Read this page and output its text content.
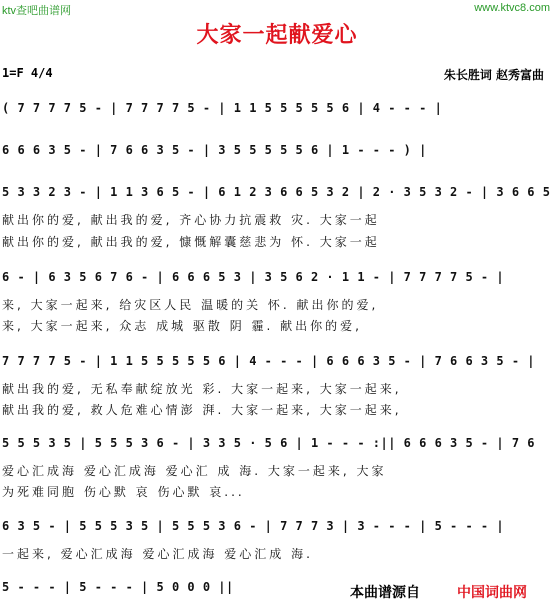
ktv查吧曲谱网	www.ktvc8.com
大家一起献爱心
1=F 4/4	朱长胜词 赵秀富曲
( 7 7 7 7 5 - | 7 7 7 7 5 - | 1 1 5 5 5 5 5 6 | 4 - - - |
6 6 6 3 5 - | 7 6 6 3 5 - | 3 5 5 5 5 5 6 | 1 - - - ) |
5 3 3 2 3 - | 1 1 3 6 5 - | 6 1 2 3 6 6 5 3 2 | 2 · 3 5 3 2 - | 3 6 6 5
献出你的爱, 献出我的爱, 齐心协力抗震救 灾. 大家一起
献出你的爱, 献出我的爱, 慷慨解囊慈悲为 怀. 大家一起
6 - | 6 3 5 6 7 6 - | 6 6 6 5 3 | 3 5 6 2 · 1 1 - | 7 7 7 7 5 - |
来, 大家一起来, 给灾区人民 温暖的关 怀. 献出你的爱,
来, 大家一起来, 众志 成城 驱散 阴 霾. 献出你的爱,
7 7 7 7 5 - | 1 1 5 5 5 5 5 6 | 4 - - - | 6 6 6 3 5 - | 7 6 6 3 5 - |
献出我的爱, 无私奉献绽放光 彩. 大家一起来, 大家一起来,
献出我的爱, 救人危难心情澎 湃. 大家一起来, 大家一起来,
5 5 5 3 5 | 5 5 5 3 6 - | 3 3 5 · 5 6 | 1 - - - :|| 6 6 6 3 5 - | 7 6
爱心汇成海 爱心汇成海 爱心汇 成 海. 大家一起来, 大家
为死难同胞 伤心默 哀 伤心默 哀...
6 3 5 - | 5 5 5 3 5 | 5 5 5 3 6 - | 7 7 7 3 | 3 - - - | 5 - - - |
一起来, 爱心汇成海 爱心汇成海 爱心汇成 海.
5 - - - | 5 - - - | 5 0 0 0 ||	本曲谱源自	中国词曲网
